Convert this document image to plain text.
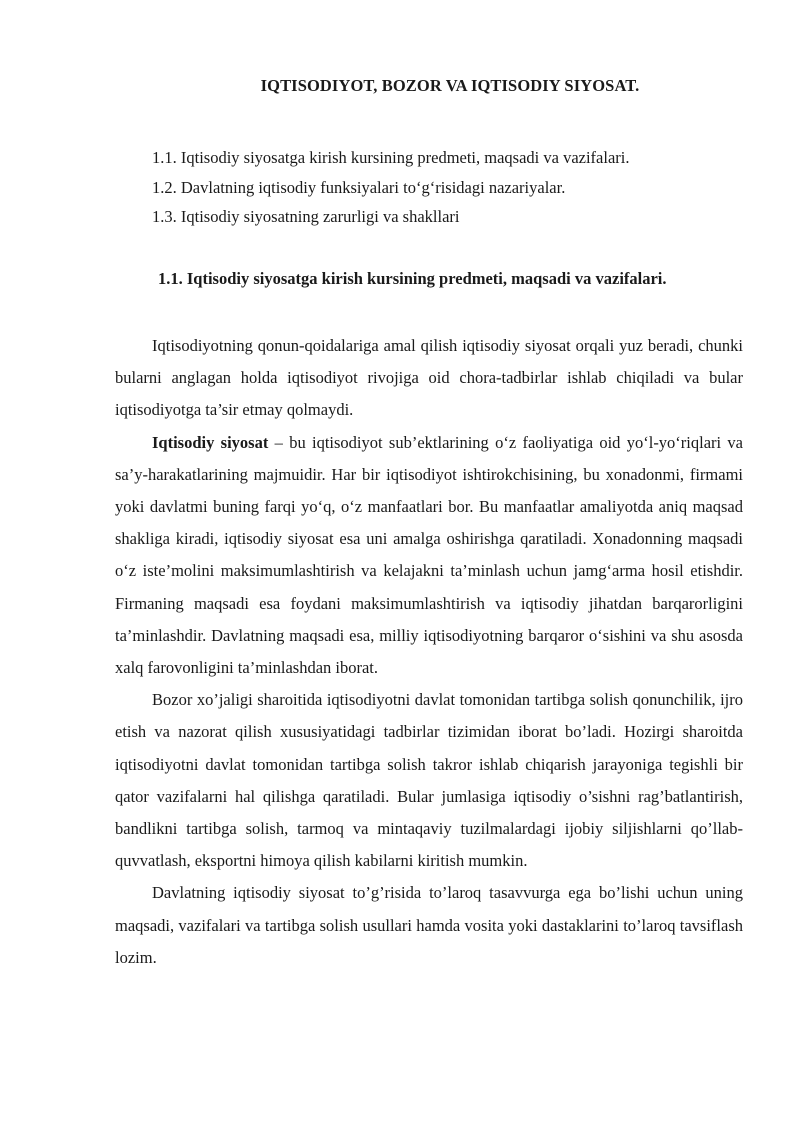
IQTISODIYOT, BOZOR VA IQTISODIY SIYOSAT.
1.1. Iqtisodiy siyosatga kirish kursining predmeti, maqsadi va vazifalari.
1.2. Davlatning iqtisodiy funksiyalari to‘g‘risidagi nazariyalar.
1.3. Iqtisodiy siyosatning zarurligi va shakllari
1.1. Iqtisodiy siyosatga kirish kursining predmeti, maqsadi va vazifalari.

Iqtisodiyotning qonun-qoidalariga amal qilish iqtisodiy siyosat orqali yuz beradi, chunki bularni anglagan holda iqtisodiyot rivojiga oid chora-tadbirlar ishlab chiqiladi va bular iqtisodiyotga ta’sir etmay qolmaydi.

Iqtisodiy siyosat – bu iqtisodiyot sub’ektlarining o‘z faoliyatiga oid yo‘l-yo‘riqlari va sa’y-harakatlarining majmuidir. Har bir iqtisodiyot ishtirokchisining, bu xonadonmi, firmami yoki davlatmi buning farqi yo‘q, o‘z manfaatlari bor. Bu manfaatlar amaliyotda aniq maqsad shakliga kiradi, iqtisodiy siyosat esa uni amalga oshirishga qaratiladi. Xonadonning maqsadi o‘z iste’molini maksimumlashtirish va kelajakni ta’minlash uchun jamg‘arma hosil etishdir. Firmaning maqsadi esa foydani maksimumlashtirish va iqtisodiy jihatdan barqarorligini ta’minlashdir. Davlatning maqsadi esa, milliy iqtisodiyotning barqaror o‘sishini va shu asosda xalq farovonligini ta’minlashdan iborat.

Bozor xo’jaligi sharoitida iqtisodiyotni davlat tomonidan tartibga solish qonunchilik, ijro etish va nazorat qilish xususiyatidagi tadbirlar tizimidan iborat bo’ladi. Hozirgi sharoitda iqtisodiyotni davlat tomonidan tartibga solish takror ishlab chiqarish jarayoniga tegishli bir qator vazifalarni hal qilishga qaratiladi. Bular jumlasiga iqtisodiy o’sishni rag’batlantirish, bandlikni tartibga solish, tarmoq va mintaqaviy tuzilmalardagi ijobiy siljishlarni qo’llab-quvvatlash, eksportni himoya qilish kabilarni kiritish mumkin.

Davlatning iqtisodiy siyosat to’g’risida to’laroq tasavvurga ega bo’lishi uchun uning maqsadi, vazifalari va tartibga solish usullari hamda vosita yoki dastaklarini to’laroq tavsiflash lozim.
